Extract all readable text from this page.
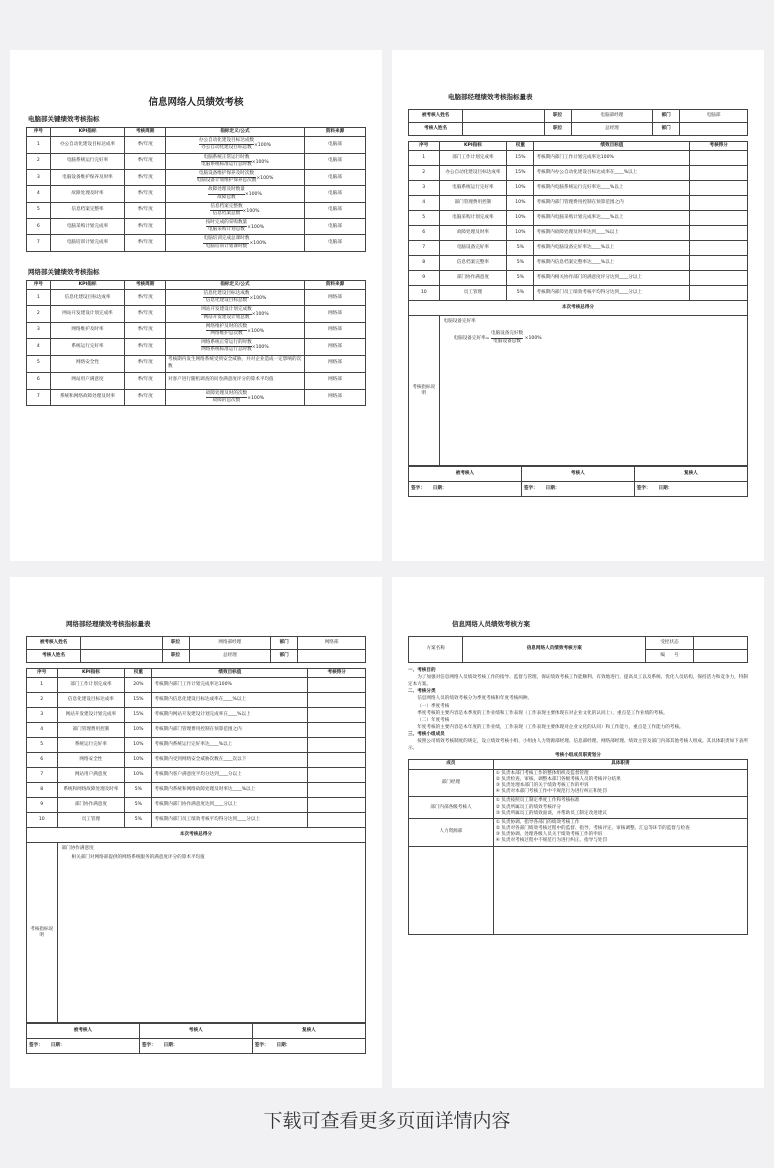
信息网络人员绩效考核
电脑部关键绩效考核指标
序号	KPI指标	考核周期	指标定义/公式	资料来源
1	办公自动化建设目标达成率	季/年度	$\frac{\text{办公自动化建设目标达成数}}{\text{办公自动化建设目标总数}} \times 100\%$	电脑部
2	电脑系统运行完好率	季/年度	$\frac{\text{电脑系统正常运行时数}}{\text{电脑系统标准运行总时数}} \times 100\%$	电脑部
3	电脑设备维护保养及时率	季/年度	$\frac{\text{电脑设备维护保养及时次数}}{\text{电脑设备计划维护保养总次数}} \times 100\%$	电脑部
4	故障处理及时率	季/年度	$\frac{\text{故障处理及时数量}}{\text{故障总数}} \times 100\%$	电脑部
5	信息档案完整率	季/年度	$\frac{\text{信息档案完整数}}{\text{信息档案总数}} \times 100\%$	电脑部
6	电脑采购计划完成率	季/年度	$\frac{\text{按时完成的采购数量}}{\text{电脑采购计划总数}} \times 100\%$	电脑部
7	电脑培训计划完成率	季/年度	$\frac{\text{电脑培训完成总课时数}}{\text{电脑培训计划课时数}} \times 100\%$	电脑部
网络部关键绩效考核指标
序号	KPI指标	考核周期	指标定义/公式	资料来源
1	信息化建设目标达成率	季/年度	$\frac{\text{信息化建设目标达成数}}{\text{信息化建设目标总数}} \times 100\%$	网络部
2	网站开发建设计划完成率	季/年度	$\frac{\text{网站开发建设计划完成数}}{\text{网站开发建设计划总数}} \times 100\%$	网络部
3	网络维护及时率	季/年度	$\frac{\text{网络维护及时的次数}}{\text{网络维护总次数}} \times 100\%$	网络部
4	系统运行完好率	季/年度	$\frac{\text{网络系统正常运行的时数}}{\text{网络系统标准运行总时数}} \times 100\%$	网络部
5	网络安全性	季/年度	考核期内发生网络系统受到安全威胁，并对企业造成一定影响的次数	网络部
6	网站用户满意度	季/年度	对客户进行随机调查的问卷满意度评分的算术平均值	网络部
7	系统和网络故障处理及时率	季/年度	$\frac{\text{故障处理及时的次数}}{\text{故障的总次数}} \times 100\%$	网络部
电脑部经理绩效考核指标量表
被考核人姓名		职位	电脑部经理	部门	电脑部
考核人姓名		职位	总经理	部门	
序号	KPI指标	权重	绩效目标值	考核得分
1	部门工作计划完成率	15%	考核期内部门工作计划完成率达100%	
2	办公自动化建设目标达成率	15%	考核期内办公自动化建设目标达成率在____%以上	
3	电脑系统运行完好率	10%	考核期内电脑系统运行完好率达____%以上	
4	部门管理费用控制	10%	考核期内部门管理费用控制在预算范围之内	
5	电脑采购计划完成率	10%	考核期内电脑采购计划完成率达____%以上	
6	故障处理及时率	10%	考核期内故障处理及时率达到____%以上	
7	电脑设备完好率	5%	考核期内电脑设备完好率达____%以上	
8	信息档案完整率	5%	考核期内信息档案完整率达____%以上	
9	部门协作满意度	5%	考核期内相关协作部门的满意度评分达到____分以上	
10	员工管理	5%	考核期内部门员工绩效考核平均得分达到____分以上	
本次考核总得分				
考核指标说明	电脑设备完好率
电脑设备完好率= $\frac{\text{电脑设备完好数}}{\text{电脑设备总数}} \times 100\%$			
被考核人	考核人	复核人
签字： 日期：	签字： 日期：	签字： 日期：
网络部经理绩效考核指标量表
被考核人姓名		职位	网络部经理	部门	网络部
考核人姓名		职位	总经理	部门	
序号	KPI指标	权重	绩效目标值	考核得分
1	部门工作计划完成率	20%	考核期内部门工作计划完成率达100%	
2	信息化建设目标达成率	15%	考核期内信息化建设目标达成率在____%以上	
3	网站开发建设计划完成率	15%	考核期内网站开发建设计划完成率在____%以上	
4	部门管理费用控制	10%	考核期内部门管理费用控制在预算范围之内	
5	系统运行完好率	10%	考核期内系统运行完好率达____%以上	
6	网络安全性	10%	考核期内受到网络安全威胁次数在____次以下	
7	网站用户满意度	10%	考核期内客户满意度平均分达到____分以上	
8	系统和网络故障处理及时率	5%	考核期内系统和网络故障处理及时率达____%以上	
9	部门协作满意度	5%	考核期内部门协作满意度达到____分以上	
10	员工管理	5%	考核期内部门员工绩效考核平均得分达到____分以上	
本次考核总得分				
考核指标说明	部门协作满意度
相关部门对网络部提供的网络系统服务的满意度评分的算术平均值			
被考核人	考核人	复核人
签字： 日期：	签字： 日期：	签字： 日期：
信息网络人员绩效考核方案
方案名称	信息网络人员绩效考核方案	受控状态	
		编　　号	

一、考核目的

为了加强对信息网络人员绩效考核工作的指导、监督与管理，保证绩效考核工作能顺利、有效地进行，提高员工以及系统、优化人员结构，保持活力和竞争力，特制定本方案。

二、考核分类

信息网络人员的绩效考核分为季度考核和年度考核两种。

（一）季度考核

季度考核的主要内容是本季度的工作业绩和工作表现（工作表现主要体现在对企业文化的认同上），重点是工作业绩的考核。

（二）年度考核

年度考核的主要内容是本年度的工作业绩，工作表现（工作表现主要体现对企业文化的认同）和工作能力，重点是工作能力的考核。

三、考核小组成员

按照公司绩效考核制度的规定，设立绩效考核小组，小组由人力资源部经理、信息部经理、网络部经理、绩效主管及部门内部其他考核人组成。其具体职责如下表所示。

考核小组成员职责划分

成员	具体职责
部门经理	① 负责本部门考核工作的整体组织及监督管理
② 负责检查、审核、调整本部门各级考核人员的考核评分结果
③ 负责处理本部门的关于绩效考核工作的申诉
④ 负责对本部门考核工作中不规范行为进行纠正和处罚

部门内部各级考核人	① 负责按照员工制定季度工作和考核标准
② 负责所属员工的绩效考核评分
③ 负责所属员工的绩效面谈，并帮助员工制定改进建议

人力资源部	① 负责协调、指导各部门的绩效考核工作
② 负责对各部门绩效考核过程中的监督、指导、考核评定、审核调整、汇总等环节的监督与检查
③ 负责协调、处理各级人员关于绩效考核工作的申诉
④ 负责对考核过程中不规范行为进行纠正、指导与处罚

下载可查看更多页面详情内容
